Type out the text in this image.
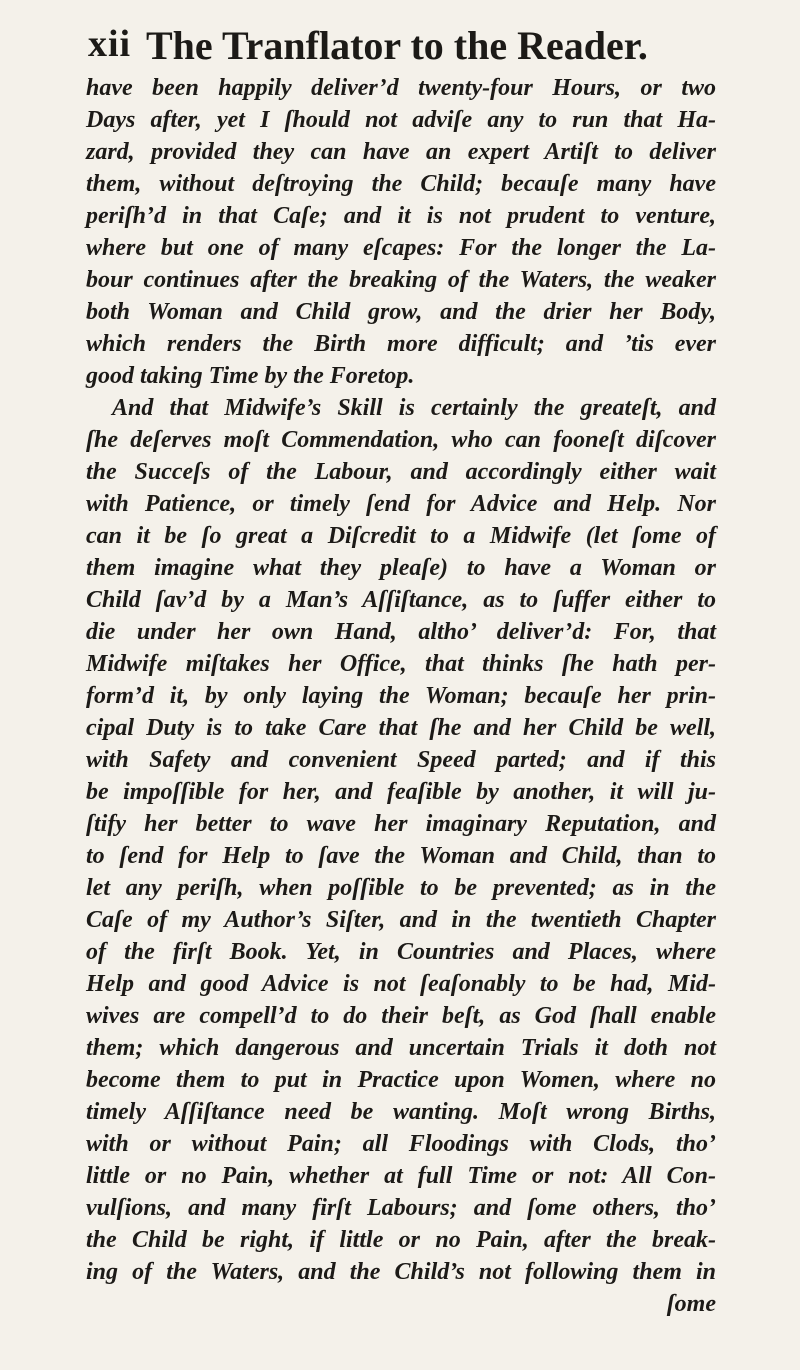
xii The Tranflator to the Reader.
have been happily deliver’d twenty-four Hours, or two
Days after, yet I ſhould not adviſe any to run that Ha-
zard, provided they can have an expert Artiſt to deliver
them, without deſtroying the Child; becauſe many have
periſh’d in that Caſe; and it is not prudent to venture,
where but one of many eſcapes: For the longer the La-
bour continues after the breaking of the Waters, the weaker
both Woman and Child grow, and the drier her Body,
which renders the Birth more difficult; and ’tis ever
good taking Time by the Foretop.
And that Midwife’s Skill is certainly the greateſt, and
ſhe deſerves moſt Commendation, who can fooneſt diſcover
the Succeſs of the Labour, and accordingly either wait
with Patience, or timely ſend for Advice and Help. Nor
can it be ſo great a Diſcredit to a Midwife (let ſome of
them imagine what they pleaſe) to have a Woman or
Child ſav’d by a Man’s Aſſiſtance, as to ſuffer either to
die under her own Hand, altho’ deliver’d: For, that
Midwife miſtakes her Office, that thinks ſhe hath per-
form’d it, by only laying the Woman; becauſe her prin-
cipal Duty is to take Care that ſhe and her Child be well,
with Safety and convenient Speed parted; and if this
be impoſſible for her, and feaſible by another, it will ju-
ſtify her better to wave her imaginary Reputation, and
to ſend for Help to ſave the Woman and Child, than to
let any periſh, when poſſible to be prevented; as in the
Caſe of my Author’s Siſter, and in the twentieth Chapter
of the firſt Book. Yet, in Countries and Places, where
Help and good Advice is not ſeaſonably to be had, Mid-
wives are compell’d to do their beſt, as God ſhall enable
them; which dangerous and uncertain Trials it doth not
become them to put in Practice upon Women, where no
timely Aſſiſtance need be wanting. Moſt wrong Births,
with or without Pain; all Floodings with Clods, tho’
little or no Pain, whether at full Time or not: All Con-
vulſions, and many firſt Labours; and ſome others, tho’
the Child be right, if little or no Pain, after the break-
ing of the Waters, and the Child’s not following them in
ſome
